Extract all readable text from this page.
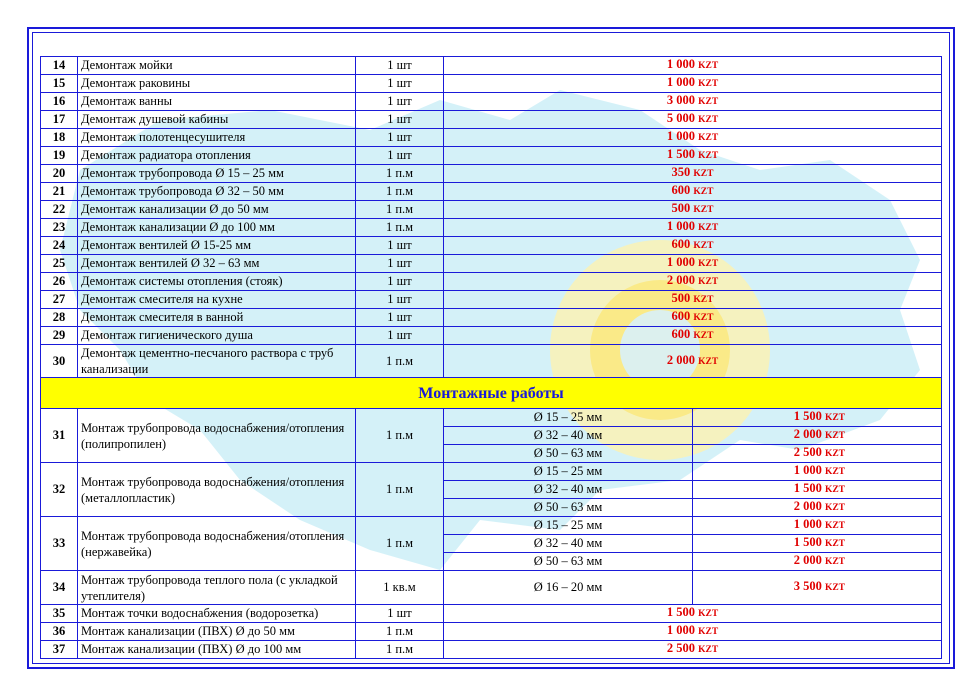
14	Демонтаж мойки	1 шт	1 000 KZT	
15	Демонтаж раковины	1 шт	1 000 KZT	
16	Демонтаж ванны	1 шт	3 000 KZT	
17	Демонтаж душевой кабины	1 шт	5 000 KZT	
18	Демонтаж полотенцесушителя	1 шт	1 000 KZT	
19	Демонтаж радиатора отопления	1 шт	1 500 KZT	
20	Демонтаж трубопровода Ø 15 – 25 мм	1 п.м	350 KZT	
21	Демонтаж трубопровода Ø 32 – 50 мм	1 п.м	600 KZT	
22	Демонтаж канализации Ø до 50 мм	1 п.м	500 KZT	
23	Демонтаж канализации Ø до 100 мм	1 п.м	1 000 KZT	
24	Демонтаж вентилей Ø 15-25 мм	1 шт	600 KZT	
25	Демонтаж вентилей Ø 32 – 63 мм	1 шт	1 000 KZT	
26	Демонтаж системы отопления (стояк)	1 шт	2 000 KZT	
27	Демонтаж смесителя на кухне	1 шт	500 KZT	
28	Демонтаж смесителя в ванной	1 шт	600 KZT	
29	Демонтаж гигиенического душа	1 шт	600 KZT	
30	Демонтаж цементно-песчаного раствора с труб канализации	1 п.м	2 000 KZT	
Монтажные работы				
31	Монтаж трубопровода водоснабжения/отопления (полипропилен)	1 п.м	Ø 15 – 25 мм	1 500 KZT
			Ø 32 – 40 мм	2 000 KZT
			Ø 50 – 63 мм	2 500 KZT
32	Монтаж трубопровода водоснабжения/отопления (металлопластик)	1 п.м	Ø 15 – 25 мм	1 000 KZT
			Ø 32 – 40 мм	1 500 KZT
			Ø 50 – 63 мм	2 000 KZT
33	Монтаж трубопровода водоснабжения/отопления (нержавейка)	1 п.м	Ø 15 – 25 мм	1 000 KZT
			Ø 32 – 40 мм	1 500 KZT
			Ø 50 – 63 мм	2 000 KZT
34	Монтаж трубопровода теплого пола (с укладкой утеплителя)	1 кв.м	Ø 16 – 20 мм	3 500 KZT
35	Монтаж точки водоснабжения (водорозетка)	1 шт	1 500 KZT	
36	Монтаж канализации (ПВХ) Ø до 50 мм	1 п.м	1 000 KZT	
37	Монтаж канализации (ПВХ) Ø до 100 мм	1 п.м	2 500 KZT	
